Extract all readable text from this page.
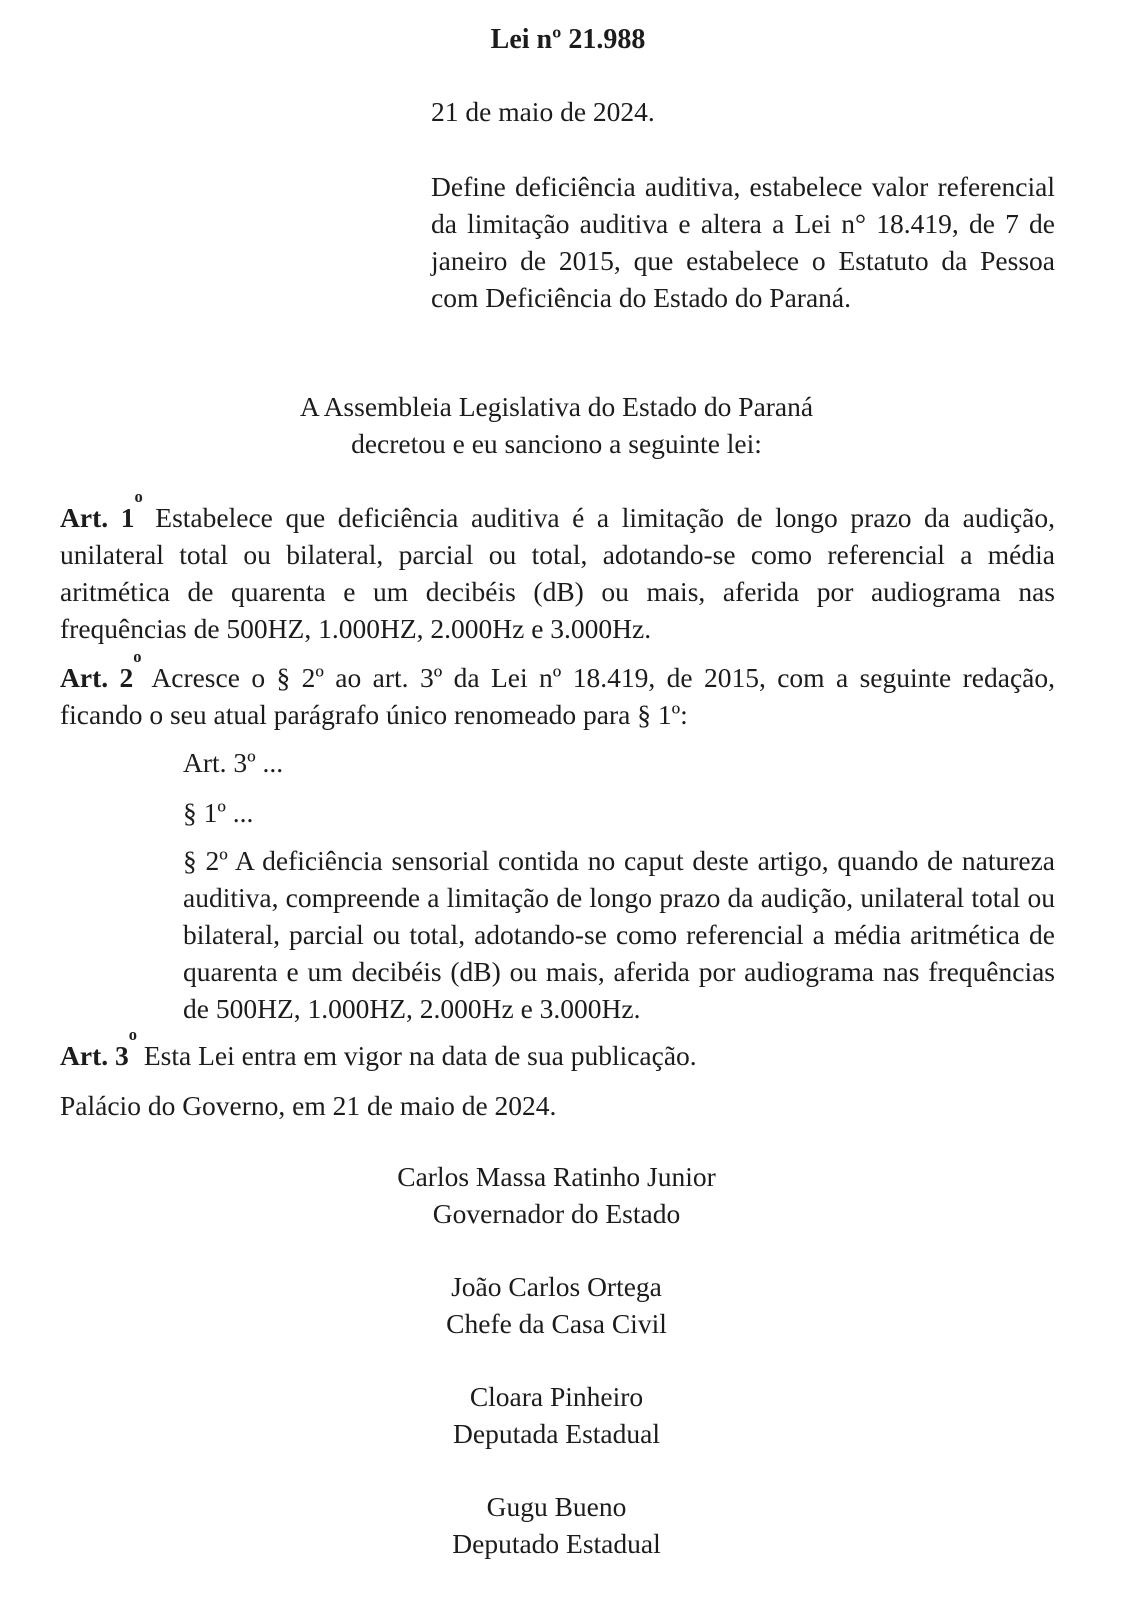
Lei nº 21.988
21 de maio de 2024.
Define deficiência auditiva, estabelece valor referencial da limitação auditiva e altera a Lei n° 18.419, de 7 de janeiro de 2015, que estabelece o Estatuto da Pessoa com Deficiência do Estado do Paraná.
A Assembleia Legislativa do Estado do Paraná
decretou e eu sanciono a seguinte lei:
Art. 1$^o$ Estabelece que deficiência auditiva é a limitação de longo prazo da audição, unilateral total ou bilateral, parcial ou total, adotando-se como referencial a média aritmética de quarenta e um decibéis (dB) ou mais, aferida por audiograma nas frequências de 500HZ, 1.000HZ, 2.000Hz e 3.000Hz.
Art. 2$^o$ Acresce o § 2º ao art. 3º da Lei nº 18.419, de 2015, com a seguinte redação, ficando o seu atual parágrafo único renomeado para § 1º:
Art. 3º ...
§ 1º ...
§ 2º A deficiência sensorial contida no caput deste artigo, quando de natureza auditiva, compreende a limitação de longo prazo da audição, unilateral total ou bilateral, parcial ou total, adotando-se como referencial a média aritmética de quarenta e um decibéis (dB) ou mais, aferida por audiograma nas frequências de 500HZ, 1.000HZ, 2.000Hz e 3.000Hz.
Art. 3$^o$ Esta Lei entra em vigor na data de sua publicação.
Palácio do Governo, em 21 de maio de 2024.
Carlos Massa Ratinho Junior
Governador do Estado
João Carlos Ortega
Chefe da Casa Civil
Cloara Pinheiro
Deputada Estadual
Gugu Bueno
Deputado Estadual
